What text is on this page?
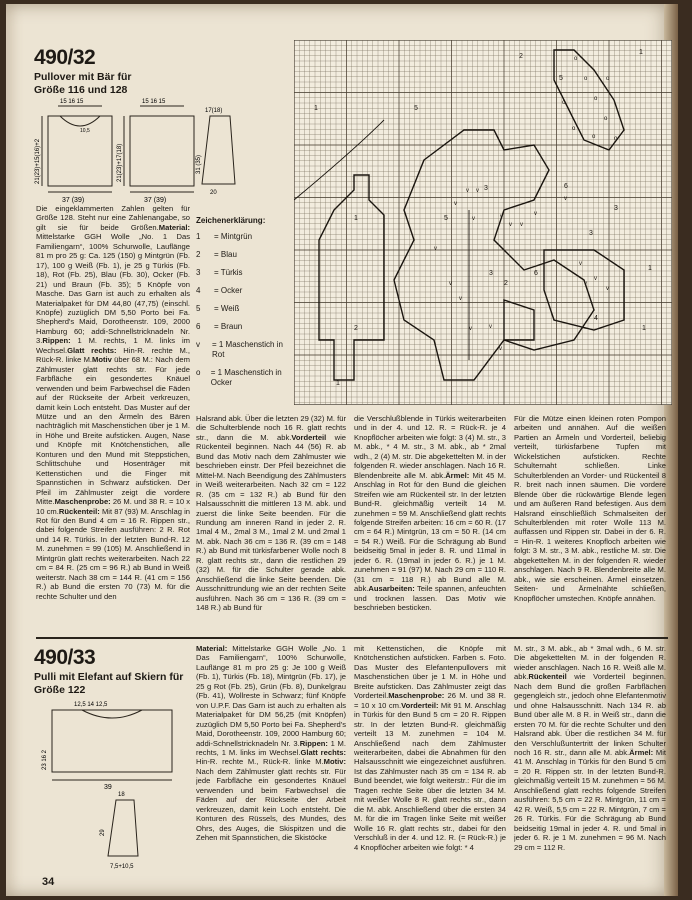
490/32
Pullover mit Bär für Größe 116 und 128
37 (39)	37 (39)
15 16 15	15 16 15
17(18)
20
21(23)+15(16)+2	21(23)+17(18)	31 (35)
10,5
1
1
2
5
2
3
3
3
1
1
5
5
6
6
4
1
1
3
2
v v
v
v	v
v v
v
v
v
v
v
v
v
v
v
v
v
v
o
o
o
o
o
o
o
o
o
Zeichenerklärung:
1	= Mintgrün
2	= Blau
3	= Türkis
4	= Ocker
5	= Weiß
6	= Braun
v	= 1 Maschenstich in Rot
o	= 1 Maschenstich in Ocker
Die eingeklammerten Zahlen gelten für Größe 128. Steht nur eine Zahlenangabe, so gilt sie für beide Größen.Material: Mittelstarke GGH Wolle „No. 1 Das Familiengarn“, 100% Schurwolle, Lauflänge 81 m pro 25 g: Ca. 125 (150) g Mintgrün (Fb. 17), 100 g Weiß (Fb. 1), je 25 g Türkis (Fb. 18), Rot (Fb. 25), Blau (Fb. 30), Ocker (Fb. 21) und Braun (Fb. 35); 5 Knöpfe von Masche. Das Garn ist auch zu erhalten als Materialpaket für DM 44,80 (47,75) (einschl. Knöpfe) zuzüglich DM 5,50 Porto bei Fa. Shepherd's Maid, Dorotheenstr. 109, 2000 Hamburg 60; addi-Schnellstricknadeln Nr. 3.Rippen: 1 M. rechts, 1 M. links im Wechsel.Glatt rechts: Hin-R. rechte M., Rück-R. linke M.Motiv über 68 M.: Nach dem Zählmuster glatt rechts str. Für jede Farbfläche ein gesondertes Knäuel verwenden und beim Farbwechsel die Fäden auf der Rückseite der Arbeit verkreuzen, damit kein Loch entsteht. Das Muster auf der Mütze und an den Ärmeln des Bären nachträglich mit Maschenstichen über je 1 M. in Höhe und Breite aufsticken. Augen, Nase und Knöpfe mit Knötchenstichen, alle Konturen und den Mund mit Steppstichen, Schlittschuhe und Hosenträger mit Kettenstichen und die Finger mit Spannstichen in Schwarz aufsticken. Der Pfeil im Zählmuster zeigt die vordere Mitte.Maschenprobe: 26 M. und 38 R. = 10 x 10 cm.Rückenteil: Mit 87 (93) M. Anschlag in Rot für den Bund 4 cm = 16 R. Rippen str., dabei folgende Streifen ausführen: 2 R. Rot und 14 R. Türkis. In der letzten Bund-R. 12 M. zunehmen = 99 (105) M. Anschließend in Mintgrün glatt rechts weiterarbeiten. Nach 22 cm = 84 R. (25 cm = 96 R.) ab Bund in Weiß weiterstr. Nach 38 cm = 144 R. (41 cm = 156 R.) ab Bund die ersten 70 (73) M. für die rechte Schulter und den
Halsrand abk. Über die letzten 29 (32) M. für die Schulterblende noch 16 R. glatt rechts str., dann die M. abk.Vorderteil wie Rückenteil beginnen. Nach 44 (56) R. ab Bund das Motiv nach dem Zählmuster wie beschrieben einstr. Der Pfeil bezeichnet die Mittel-M. Nach Beendigung des Zählmusters in Weiß weiterarbeiten. Nach 32 cm = 122 R. (35 cm = 132 R.) ab Bund für den Halsausschnitt die mittleren 13 M. abk. und zuerst die linke Seite beenden. Für die Rundung am inneren Rand in jeder 2. R. 1mal 4 M., 2mal 3 M., 1mal 2 M. und 2mal 1 M. abk. Nach 36 cm = 136 R. (39 cm = 148 R.) ab Bund mit türkisfarbener Wolle noch 8 R. glatt rechts str., dann die restlichen 29 (32) M. für die Schulter gerade abk. Anschließend die linke Seite beenden. Die Ausschnittrundung wie an der rechten Seite ausführen. Nach 36 cm = 136 R. (39 cm = 148 R.) ab Bund für
die Verschlußblende in Türkis weiterarbeiten und in der 4. und 12. R. = Rück-R. je 4 Knopflöcher arbeiten wie folgt: 3 (4) M. str., 3 M. abk., * 4 M. str., 3 M. abk., ab * 2mal wdh., 2 (4) M. str. Die abgekettelten M. in der folgenden R. wieder anschlagen. Nach 16 R. Blendenbreite alle M. abk.Ärmel: Mit 45 M. Anschlag in Rot für den Bund die gleichen Streifen wie am Rückenteil str. In der letzten Bund-R. gleichmäßig verteilt 14 M. zunehmen = 59 M. Anschließend glatt rechts folgende Streifen arbeiten: 16 cm = 60 R. (17 cm = 64 R.) Mintgrün, 13 cm = 50 R. (14 cm = 54 R.) Weiß. Für die Schrägung ab Bund beidseitig 5mal in jeder 8. R. und 11mal in jeder 6. R. (19mal in jeder 6. R.) je 1 M. zunehmen = 91 (97) M. Nach 29 cm = 110 R. (31 cm = 118 R.) ab Bund alle M. abk.Ausarbeiten: Teile spannen, anfeuchten und trocknen lassen. Das Motiv wie beschrieben besticken.
Für die Mütze einen kleinen roten Pompon arbeiten und annähen. Auf die weißen Partien an Ärmeln und Vorderteil, beliebig verteilt, türkisfarbene Tupfen mit Wickelstichen aufsticken. Rechte Schulternaht schließen. Linke Schulterblenden an Vorder- und Rückenteil 8 R. breit nach innen säumen. Die vordere Blende über die rückwärtige Blende legen und am äußeren Rand befestigen. Aus dem Halsrand einschließlich Schmalseiten der Schulterblenden mit roter Wolle 113 M. auffassen und Rippen str. Dabei in der 6. R. = Hin-R. 1 weiteres Knopfloch arbeiten wie folgt: 3 M. str., 3 M. abk., restliche M. str. Die abgekettelten M. in der folgenden R. wieder anschlagen. Nach 9 R. Blendenbreite alle M. abk., wie sie erscheinen. Ärmel einsetzen. Seiten- und Ärmelnähte schließen, Knopflöcher umstechen. Knöpfe annähen.
490/33
Pulli mit Elefant auf Skiern für Größe 122
12,5 14 12,5
39
23 16 2
18
29
7,5+10,5
Material: Mittelstarke GGH Wolle „No. 1 Das Familiengarn“, 100% Schurwolle, Lauflänge 81 m pro 25 g: Je 100 g Weiß (Fb. 1), Türkis (Fb. 18), Mintgrün (Fb. 17), je 25 g Rot (Fb. 25), Grün (Fb. 8), Dunkelgrau (Fb. 41), Wollreste in Schwarz; fünf Knöpfe von U.P.F. Das Garn ist auch zu erhalten als Materialpaket für DM 56,25 (mit Knöpfen) zuzüglich DM 5,50 Porto bei Fa. Shepherd's Maid, Dorotheenstr. 109, 2000 Hamburg 60; addi-Schnellstricknadeln Nr. 3.Rippen: 1 M. rechts, 1 M. links im Wechsel.Glatt rechts: Hin-R. rechte M., Rück-R. linke M.Motiv: Nach dem Zählmuster glatt rechts str. Für jede Farbfläche ein gesondertes Knäuel verwenden und beim Farbwechsel die Fäden auf der Rückseite der Arbeit verkreuzen, damit kein Loch entsteht. Die Konturen des Rüssels, des Mundes, des Ohrs, des Auges, die Skispitzen und die Zehen mit Spannstichen, die Skistöcke
mit Kettenstichen, die Knöpfe mit Knötchenstichen aufsticken. Farben s. Foto. Das Muster des Elefantenpullovers mit Maschenstichen über je 1 M. in Höhe und Breite aufsticken. Das Zählmuster zeigt das Vorderteil.Maschenprobe: 26 M. und 38 R. = 10 x 10 cm.Vorderteil: Mit 91 M. Anschlag in Türkis für den Bund 5 cm = 20 R. Rippen str. In der letzten Bund-R. gleichmäßig verteilt 13 M. zunehmen = 104 M. Anschließend nach dem Zählmuster weiterarbeiten, dabei die Abnahmen für den Halsausschnitt wie eingezeichnet ausführen. Ist das Zählmuster nach 35 cm = 134 R. ab Bund beendet, wie folgt weiterstr.: Für die im Tragen rechte Seite über die letzten 34 M. mit weißer Wolle 8 R. glatt rechts str., dann die M. abk. Anschließend über die ersten 34 M. für die im Tragen linke Seite mit weißer Wolle 16 R. glatt rechts str., dabei für den Verschluß in der 4. und 12. R. (= Rück-R.) je 4 Knopflöcher arbeiten wie folgt: * 4
M. str., 3 M. abk., ab * 3mal wdh., 6 M. str. Die abgekettelten M. in der folgenden R. wieder anschlagen. Nach 16 R. Weiß alle M. abk.Rückenteil wie Vorderteil beginnen. Nach dem Bund die großen Farbflächen gegengleich str., jedoch ohne Elefantenmotiv und ohne Halsausschnitt. Nach 134 R. ab Bund über alle M. 8 R. in Weiß str., dann die ersten 70 M. für die rechte Schulter und den Halsrand abk. Über die restlichen 34 M. für den Verschlußuntertritt der linken Schulter noch 16 R. str., dann alle M. abk.Ärmel: Mit 41 M. Anschlag in Türkis für den Bund 5 cm = 20 R. Rippen str. In der letzten Bund-R. gleichmäßig verteilt 15 M. zunehmen = 56 M. Anschließend glatt rechts folgende Streifen ausführen: 5,5 cm = 22 R. Mintgrün, 11 cm = 42 R. Weiß, 5,5 cm = 22 R. Mintgrün, 7 cm = 26 R. Türkis. Für die Schrägung ab Bund beidseitig 19mal in jeder 4. R. und 5mal in jeder 6. R. je 1 M. zunehmen = 96 M. Nach 29 cm = 112 R.
34
